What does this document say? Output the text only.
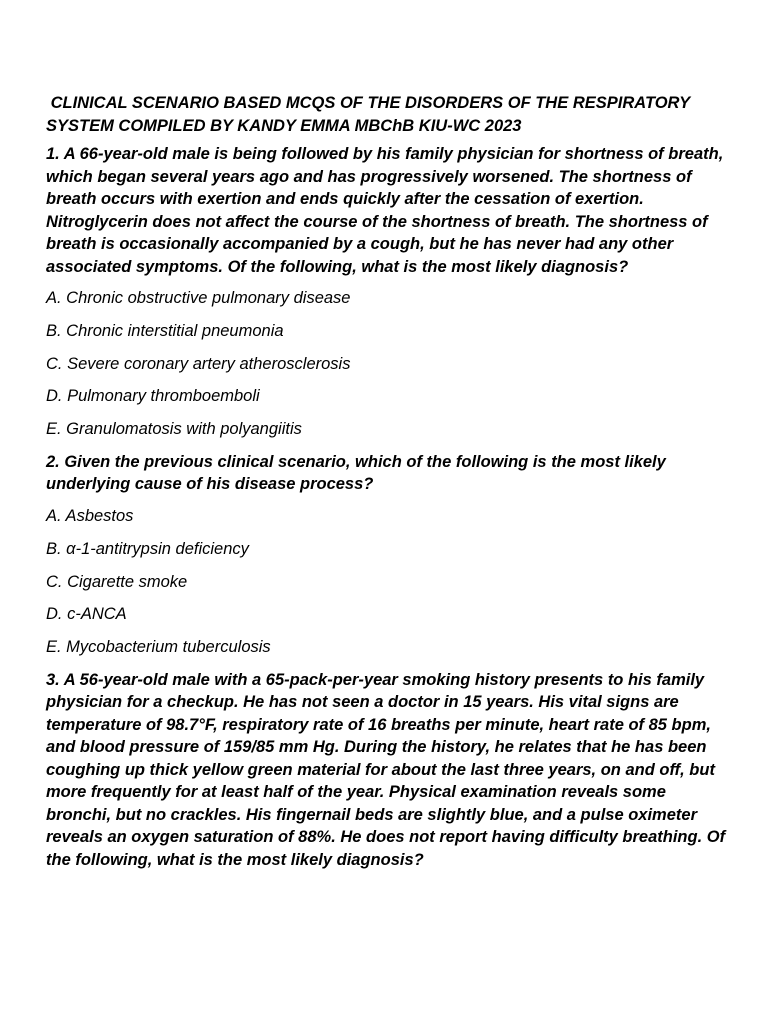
CLINICAL SCENARIO BASED MCQS OF THE DISORDERS OF THE RESPIRATORY SYSTEM COMPILED BY KANDY EMMA MBChB KIU-WC 2023
1. A 66-year-old male is being followed by his family physician for shortness of breath, which began several years ago and has progressively worsened. The shortness of breath occurs with exertion and ends quickly after the cessation of exertion. Nitroglycerin does not affect the course of the shortness of breath. The shortness of breath is occasionally accompanied by a cough, but he has never had any other associated symptoms. Of the following, what is the most likely diagnosis?
A. Chronic obstructive pulmonary disease
B. Chronic interstitial pneumonia
C. Severe coronary artery atherosclerosis
D. Pulmonary thromboemboli
E. Granulomatosis with polyangiitis
2. Given the previous clinical scenario, which of the following is the most likely underlying cause of his disease process?
A. Asbestos
B. α-1-antitrypsin deficiency
C. Cigarette smoke
D. c-ANCA
E. Mycobacterium tuberculosis
3. A 56-year-old male with a 65-pack-per-year smoking history presents to his family physician for a checkup. He has not seen a doctor in 15 years. His vital signs are temperature of 98.7°F, respiratory rate of 16 breaths per minute, heart rate of 85 bpm, and blood pressure of 159/85 mm Hg. During the history, he relates that he has been coughing up thick yellow green material for about the last three years, on and off, but more frequently for at least half of the year. Physical examination reveals some bronchi, but no crackles. His fingernail beds are slightly blue, and a pulse oximeter reveals an oxygen saturation of 88%. He does not report having difficulty breathing. Of the following, what is the most likely diagnosis?
